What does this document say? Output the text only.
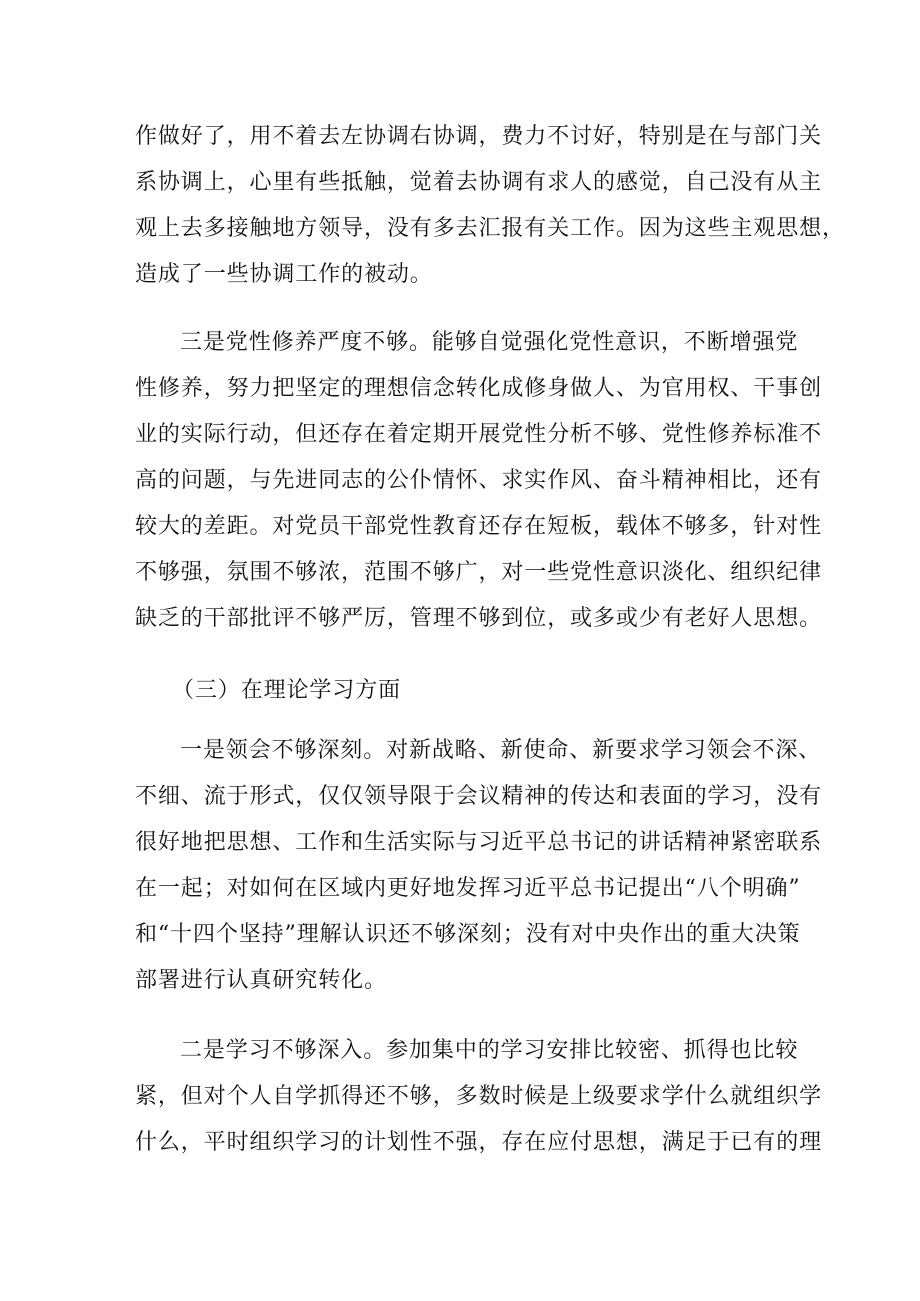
作做好了，用不着去左协调右协调，费力不讨好，特别是在与部门关
系协调上，心里有些抵触，觉着去协调有求人的感觉，自己没有从主
观上去多接触地方领导，没有多去汇报有关工作。因为这些主观思想，
造成了一些协调工作的被动。
三是党性修养严度不够。能够自觉强化党性意识，不断增强党
性修养，努力把坚定的理想信念转化成修身做人、为官用权、干事创
业的实际行动，但还存在着定期开展党性分析不够、党性修养标准不
高的问题，与先进同志的公仆情怀、求实作风、奋斗精神相比，还有
较大的差距。对党员干部党性教育还存在短板，载体不够多，针对性
不够强，氛围不够浓，范围不够广，对一些党性意识淡化、组织纪律
缺乏的干部批评不够严厉，管理不够到位，或多或少有老好人思想。
（三）在理论学习方面
一是领会不够深刻。对新战略、新使命、新要求学习领会不深、
不细、流于形式，仅仅领导限于会议精神的传达和表面的学习，没有
很好地把思想、工作和生活实际与习近平总书记的讲话精神紧密联系
在一起；对如何在区域内更好地发挥习近平总书记提出“八个明确”
和“十四个坚持”理解认识还不够深刻；没有对中央作出的重大决策
部署进行认真研究转化。
二是学习不够深入。参加集中的学习安排比较密、抓得也比较
紧，但对个人自学抓得还不够，多数时候是上级要求学什么就组织学
什么，平时组织学习的计划性不强，存在应付思想，满足于已有的理
